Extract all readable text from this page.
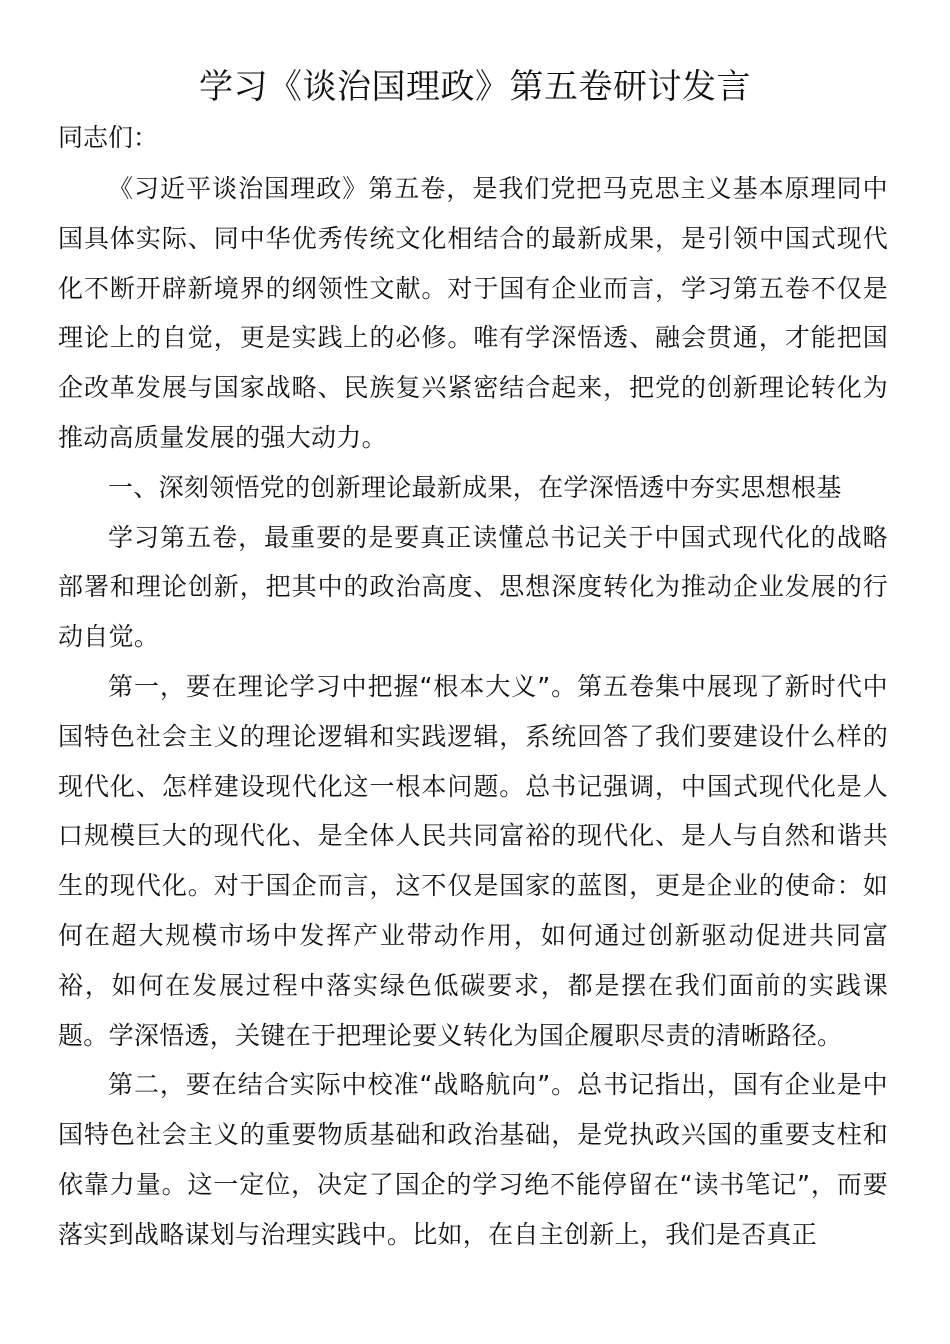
学习《谈治国理政》第五卷研讨发言

同志们：

《习近平谈治国理政》第五卷，是我们党把马克思主义基本原理同中国具体实际、同中华优秀传统文化相结合的最新成果，是引领中国式现代化不断开辟新境界的纲领性文献。对于国有企业而言，学习第五卷不仅是理论上的自觉，更是实践上的必修。唯有学深悟透、融会贯通，才能把国企改革发展与国家战略、民族复兴紧密结合起来，把党的创新理论转化为推动高质量发展的强大动力。

一、深刻领悟党的创新理论最新成果，在学深悟透中夯实思想根基

学习第五卷，最重要的是要真正读懂总书记关于中国式现代化的战略部署和理论创新，把其中的政治高度、思想深度转化为推动企业发展的行动自觉。

第一，要在理论学习中把握“根本大义”。第五卷集中展现了新时代中国特色社会主义的理论逻辑和实践逻辑，系统回答了我们要建设什么样的现代化、怎样建设现代化这一根本问题。总书记强调，中国式现代化是人口规模巨大的现代化、是全体人民共同富裕的现代化、是人与自然和谐共生的现代化。对于国企而言，这不仅是国家的蓝图，更是企业的使命：如何在超大规模市场中发挥产业带动作用，如何通过创新驱动促进共同富裕，如何在发展过程中落实绿色低碳要求，都是摆在我们面前的实践课题。学深悟透，关键在于把理论要义转化为国企履职尽责的清晰路径。

第二，要在结合实际中校准“战略航向”。总书记指出，国有企业是中国特色社会主义的重要物质基础和政治基础，是党执政兴国的重要支柱和依靠力量。这一定位，决定了国企的学习绝不能停留在“读书笔记”，而要落实到战略谋划与治理实践中。比如，在自主创新上，我们是否真正
